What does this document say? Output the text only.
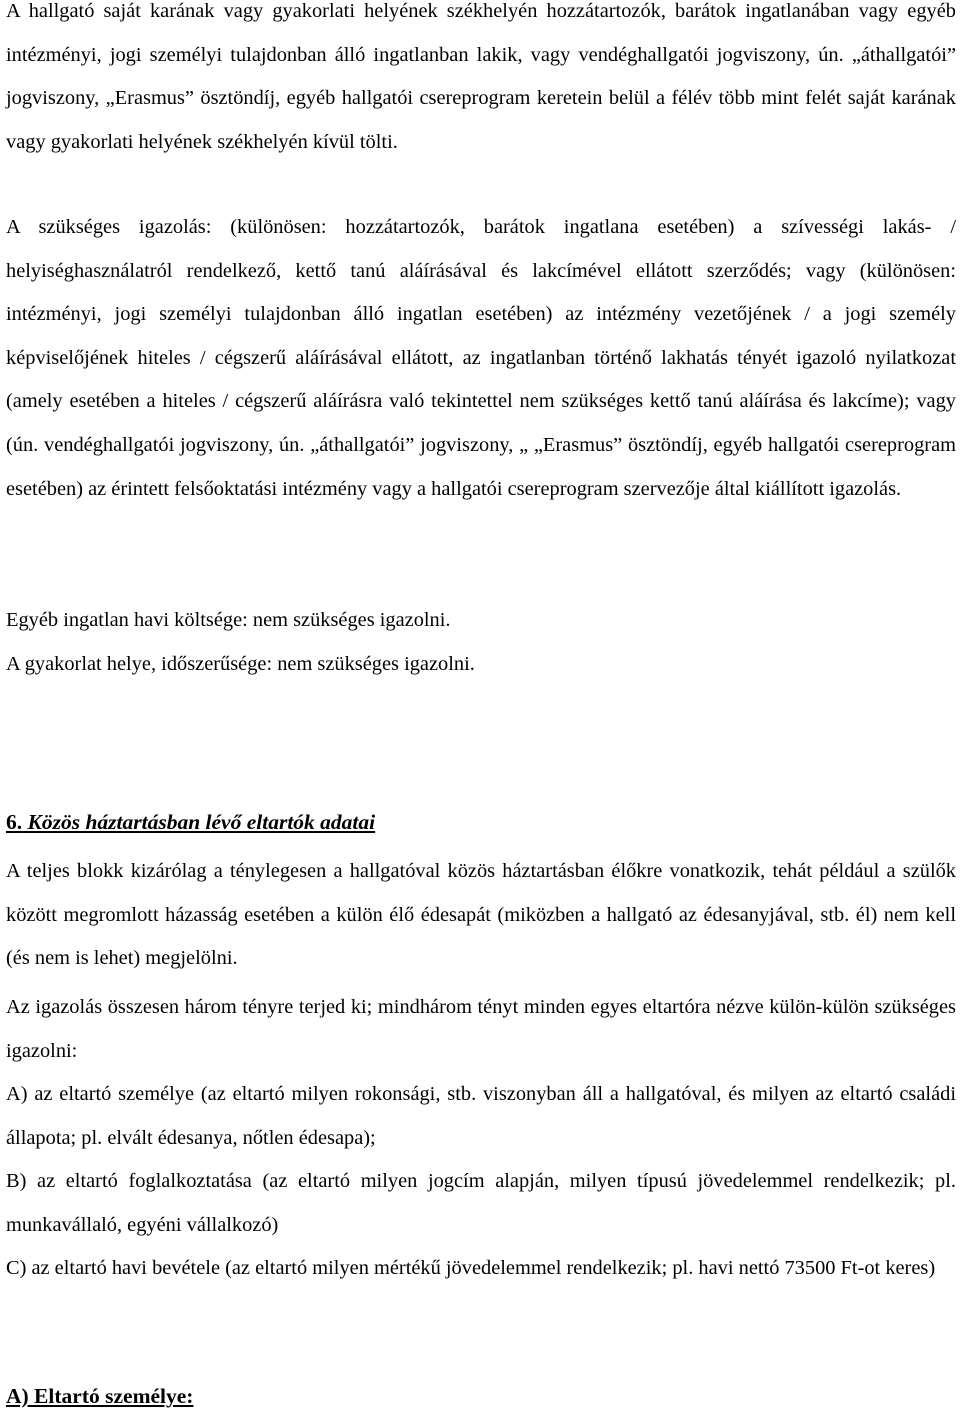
A hallgató saját karának vagy gyakorlati helyének székhelyén hozzátartozók, barátok ingatlanában vagy egyéb intézményi, jogi személyi tulajdonban álló ingatlanban lakik, vagy vendéghallgatói jogviszony, ún. „áthallgatói” jogviszony, „Erasmus” ösztöndíj, egyéb hallgatói csereprogram keretein belül a félév több mint felét saját karának vagy gyakorlati helyének székhelyén kívül tölti.

A szükséges igazolás: (különösen: hozzátartozók, barátok ingatlana esetében) a szívességi lakás- / helyiséghasználatról rendelkező, kettő tanú aláírásával és lakcímével ellátott szerződés; vagy (különösen: intézményi, jogi személyi tulajdonban álló ingatlan esetében) az intézmény vezetőjének / a jogi személy képviselőjének hiteles / cégszerű aláírásával ellátott, az ingatlanban történő lakhatás tényét igazoló nyilatkozat (amely esetében a hiteles / cégszerű aláírásra való tekintettel nem szükséges kettő tanú aláírása és lakcíme); vagy (ún. vendéghallgatói jogviszony, ún. „áthallgatói” jogviszony, „ „Erasmus” ösztöndíj, egyéb hallgatói csereprogram esetében) az érintett felsőoktatási intézmény vagy a hallgatói csereprogram szervezője által kiállított igazolás.

Egyéb ingatlan havi költsége: nem szükséges igazolni.

A gyakorlat helye, időszerűsége: nem szükséges igazolni.

6. Közös háztartásban lévő eltartók adatai

A teljes blokk kizárólag a ténylegesen a hallgatóval közös háztartásban élőkre vonatkozik, tehát például a szülők között megromlott házasság esetében a külön élő édesapát (miközben a hallgató az édesanyjával, stb. él) nem kell (és nem is lehet) megjelölni.

Az igazolás összesen három tényre terjed ki; mindhárom tényt minden egyes eltartóra nézve külön-külön szükséges igazolni:

A) az eltartó személye (az eltartó milyen rokonsági, stb. viszonyban áll a hallgatóval, és milyen az eltartó családi állapota; pl. elvált édesanya, nőtlen édesapa);

B) az eltartó foglalkoztatása (az eltartó milyen jogcím alapján, milyen típusú jövedelemmel rendelkezik; pl. munkavállaló, egyéni vállalkozó)

C) az eltartó havi bevétele (az eltartó milyen mértékű jövedelemmel rendelkezik; pl. havi nettó 73500 Ft-ot keres)

A) Eltartó személye:
